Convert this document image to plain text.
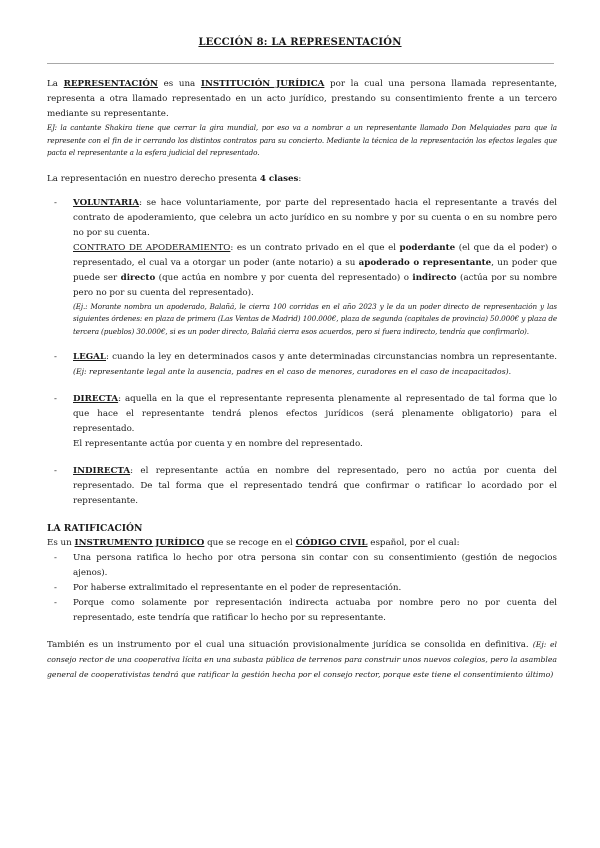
LECCIÓN 8: LA REPRESENTACIÓN

La REPRESENTACIÓN es una INSTITUCIÓN JURÍDICA por la cual una persona llamada representante, representa a otra llamado representado en un acto jurídico, prestando su consentimiento frente a un tercero mediante su representante.

EJ: la cantante Shakira tiene que cerrar la gira mundial, por eso va a nombrar a un representante llamado Don Melquiades para que la represente con el fin de ir cerrando los distintos contratos para su concierto. Mediante la técnica de la representación los efectos legales que pacta el representante a la esfera judicial del representado.

La representación en nuestro derecho presenta 4 clases:

- VOLUNTARIA: se hace voluntariamente, por parte del representado hacia el representante a través del contrato de apoderamiento, que celebra un acto jurídico en su nombre y por su cuenta o en su nombre pero no por su cuenta.

CONTRATO DE APODERAMIENTO: es un contrato privado en el que el poderdante (el que da el poder) o representado, el cual va a otorgar un poder (ante notario) a su apoderado o representante, un poder que puede ser directo (que actúa en nombre y por cuenta del representado) o indirecto (actúa por su nombre pero no por su cuenta del representado).

(Ej.: Morante nombra un apoderado, Balañá, le cierra 100 corridas en el año 2023 y le da un poder directo de representación y las siguientes órdenes: en plaza de primera (Las Ventas de Madrid) 100.000€, plaza de segunda (capitales de provincia) 50.000€ y plaza de tercera (pueblos) 30.000€, si es un poder directo, Balañá cierra esos acuerdos, pero si fuera indirecto, tendría que confirmarlo).

- LEGAL: cuando la ley en determinados casos y ante determinadas circunstancias nombra un representante. (Ej: representante legal ante la ausencia, padres en el caso de menores, curadores en el caso de incapacitados).

- DIRECTA: aquella en la que el representante representa plenamente al representado de tal forma que lo que hace el representante tendrá plenos efectos jurídicos (será plenamente obligatorio) para el representado.

El representante actúa por cuenta y en nombre del representado.

- INDIRECTA: el representante actúa en nombre del representado, pero no actúa por cuenta del representado. De tal forma que el representado tendrá que confirmar o ratificar lo acordado por el representante.

LA RATIFICACIÓN

Es un INSTRUMENTO JURÍDICO que se recoge en el CÓDIGO CIVIL español, por el cual:

- Una persona ratifica lo hecho por otra persona sin contar con su consentimiento (gestión de negocios ajenos).
- Por haberse extralimitado el representante en el poder de representación.
- Porque como solamente por representación indirecta actuaba por nombre pero no por cuenta del representado, este tendría que ratificar lo hecho por su representante.

También es un instrumento por el cual una situación provisionalmente jurídica se consolida en definitiva. (Ej: el consejo rector de una cooperativa lícita en una subasta pública de terrenos para construir unos nuevos colegios, pero la asamblea general de cooperativistas tendrá que ratificar la gestión hecha por el consejo rector, porque este tiene el consentimiento último)
